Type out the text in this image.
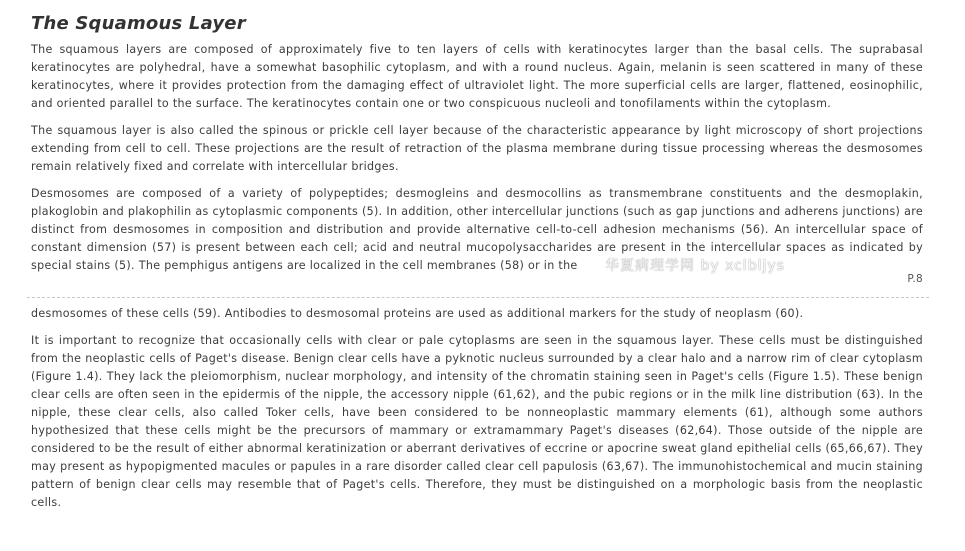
The Squamous Layer

The squamous layers are composed of approximately five to ten layers of cells with keratinocytes larger than the basal cells. The suprabasal keratinocytes are polyhedral, have a somewhat basophilic cytoplasm, and with a round nucleus. Again, melanin is seen scattered in many of these keratinocytes, where it provides protection from the damaging effect of ultraviolet light. The more superficial cells are larger, flattened, eosinophilic, and oriented parallel to the surface. The keratinocytes contain one or two conspicuous nucleoli and tonofilaments within the cytoplasm.

The squamous layer is also called the spinous or prickle cell layer because of the characteristic appearance by light microscopy of short projections extending from cell to cell. These projections are the result of retraction of the plasma membrane during tissue processing whereas the desmosomes remain relatively fixed and correlate with intercellular bridges.

Desmosomes are composed of a variety of polypeptides; desmogleins and desmocollins as transmembrane constituents and the desmoplakin, plakoglobin and plakophilin as cytoplasmic components (5). In addition, other intercellular junctions (such as gap junctions and adherens junctions) are distinct from desmosomes in composition and distribution and provide alternative cell-to-cell adhesion mechanisms (56). An intercellular space of constant dimension (57) is present between each cell; acid and neutral mucopolysaccharides are present in the intercellular spaces as indicated by special stains (5). The pemphigus antigens are localized in the cell membranes (58) or in the	华夏病理学网 by xclbljys
P.8

desmosomes of these cells (59). Antibodies to desmosomal proteins are used as additional markers for the study of neoplasm (60).

It is important to recognize that occasionally cells with clear or pale cytoplasms are seen in the squamous layer. These cells must be distinguished from the neoplastic cells of Paget's disease. Benign clear cells have a pyknotic nucleus surrounded by a clear halo and a narrow rim of clear cytoplasm (Figure 1.4). They lack the pleiomorphism, nuclear morphology, and intensity of the chromatin staining seen in Paget's cells (Figure 1.5). These benign clear cells are often seen in the epidermis of the nipple, the accessory nipple (61,62), and the pubic regions or in the milk line distribution (63). In the nipple, these clear cells, also called Toker cells, have been considered to be nonneoplastic mammary elements (61), although some authors hypothesized that these cells might be the precursors of mammary or extramammary Paget's diseases (62,64). Those outside of the nipple are considered to be the result of either abnormal keratinization or aberrant derivatives of eccrine or apocrine sweat gland epithelial cells (65,66,67). They may present as hypopigmented macules or papules in a rare disorder called clear cell papulosis (63,67). The immunohistochemical and mucin staining pattern of benign clear cells may resemble that of Paget's cells. Therefore, they must be distinguished on a morphologic basis from the neoplastic cells.
